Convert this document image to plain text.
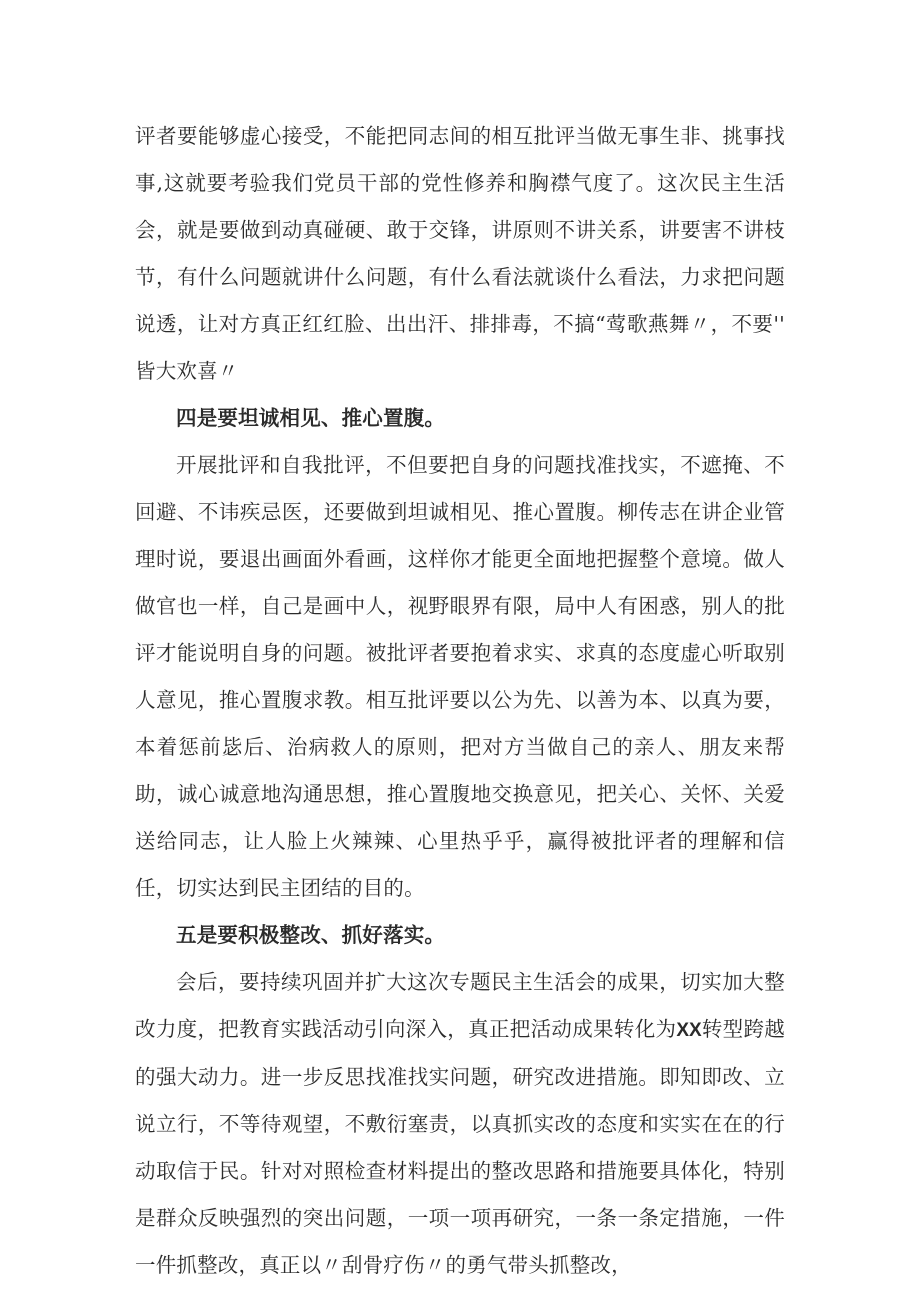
评者要能够虚心接受，不能把同志间的相互批评当做无事生非、挑事找事,这就要考验我们党员干部的党性修养和胸襟气度了。这次民主生活会，就是要做到动真碰硬、敢于交锋，讲原则不讲关系，讲要害不讲枝节，有什么问题就讲什么问题，有什么看法就谈什么看法，力求把问题说透，让对方真正红红脸、出出汗、排排毒，不搞“莺歌燕舞〃，不要'' 皆大欢喜〃

四是要坦诚相见、推心置腹。

开展批评和自我批评，不但要把自身的问题找准找实，不遮掩、不回避、不讳疾忌医，还要做到坦诚相见、推心置腹。柳传志在讲企业管理时说，要退出画面外看画，这样你才能更全面地把握整个意境。做人做官也一样，自己是画中人，视野眼界有限，局中人有困惑，别人的批评才能说明自身的问题。被批评者要抱着求实、求真的态度虚心听取别人意见，推心置腹求教。相互批评要以公为先、以善为本、以真为要，本着惩前毖后、治病救人的原则，把对方当做自己的亲人、朋友来帮助，诚心诚意地沟通思想，推心置腹地交换意见，把关心、关怀、关爱送给同志，让人脸上火辣辣、心里热乎乎，赢得被批评者的理解和信任，切实达到民主团结的目的。

五是要积极整改、抓好落实。

会后，要持续巩固并扩大这次专题民主生活会的成果，切实加大整改力度，把教育实践活动引向深入，真正把活动成果转化为XX转型跨越的强大动力。进一步反思找准找实问题，研究改进措施。即知即改、立说立行，不等待观望，不敷衍塞责，以真抓实改的态度和实实在在的行动取信于民。针对对照检查材料提出的整改思路和措施要具体化，特别是群众反映强烈的突出问题，一项一项再研究，一条一条定措施，一件一件抓整改，真正以〃刮骨疗伤〃的勇气带头抓整改，
